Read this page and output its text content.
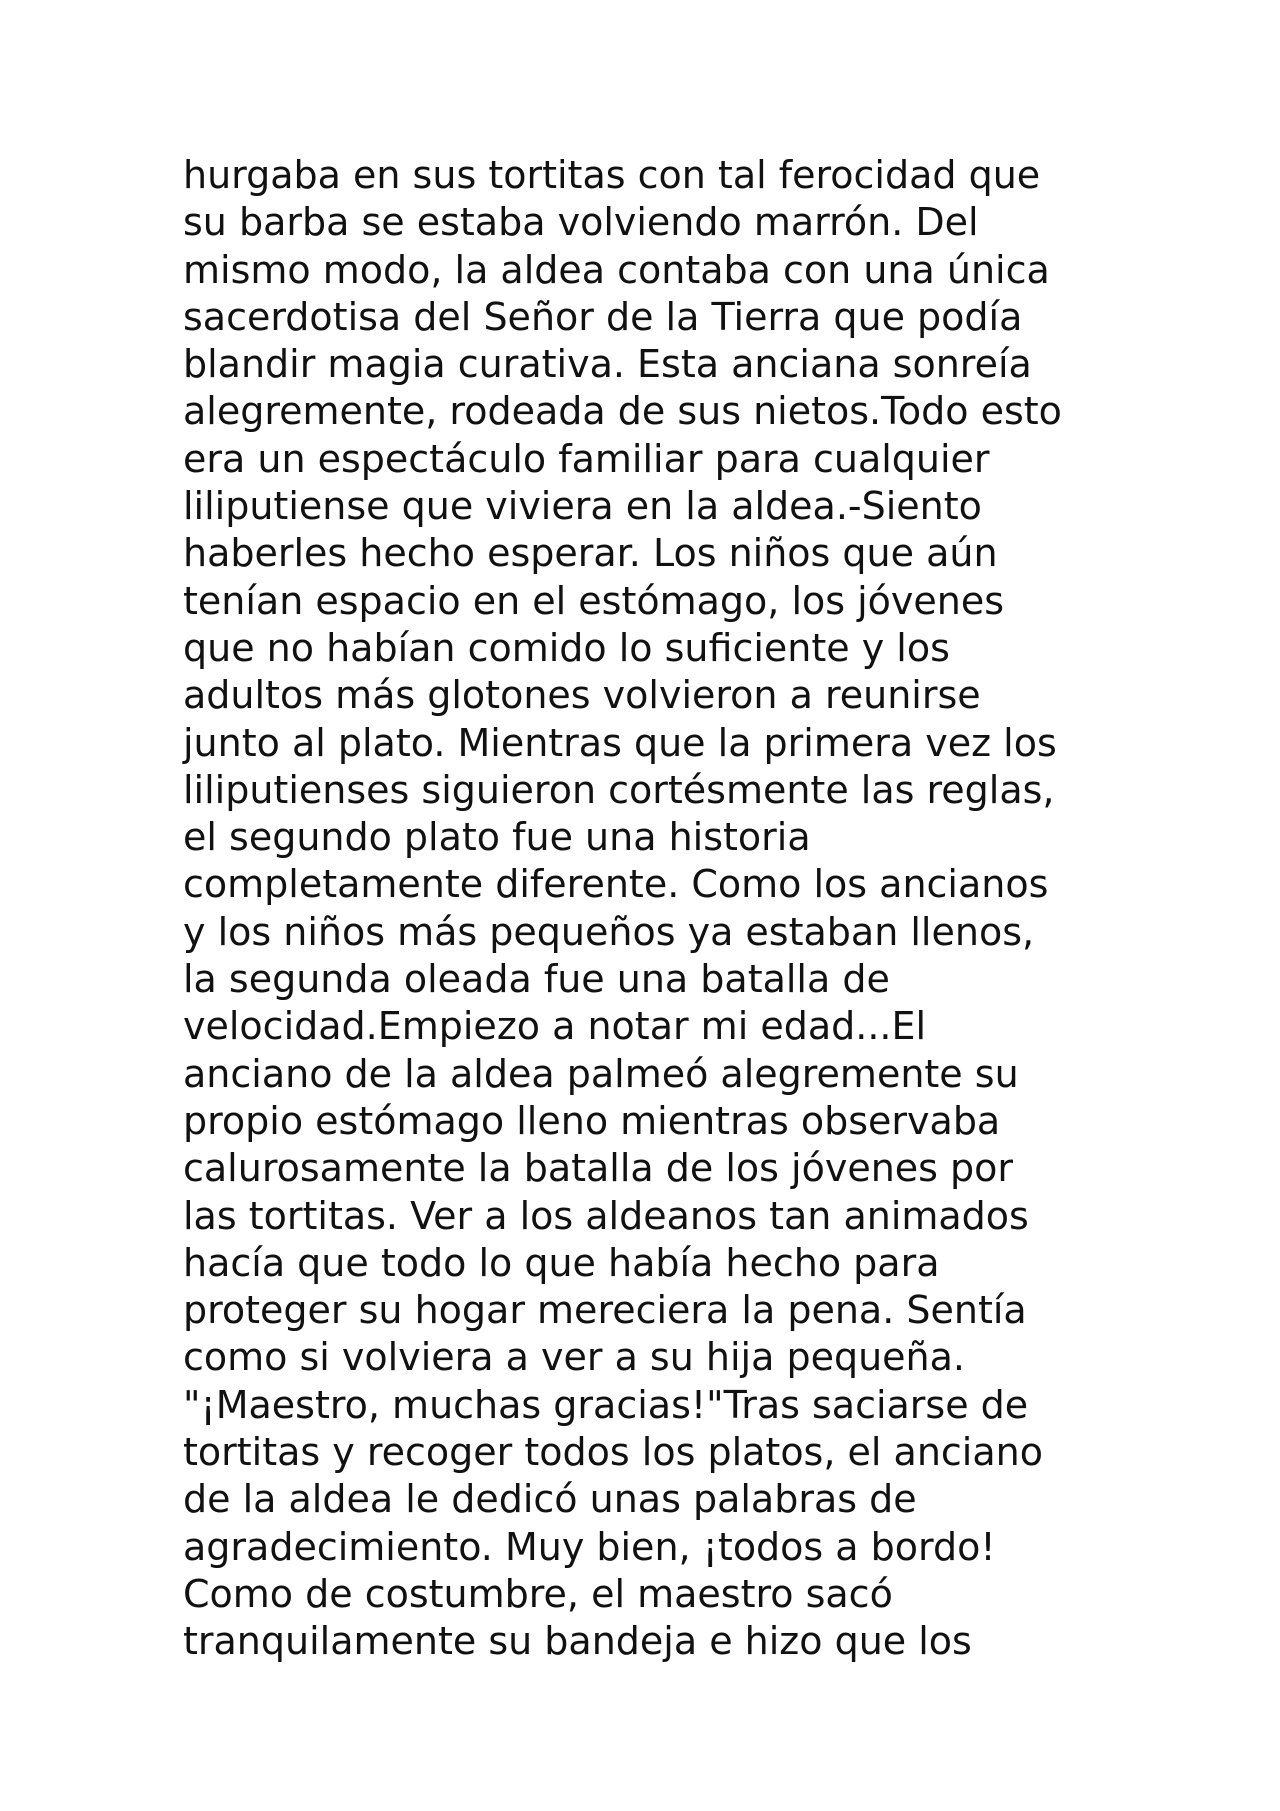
hurgaba en sus tortitas con tal ferocidad que
su barba se estaba volviendo marrón. Del
mismo modo, la aldea contaba con una única
sacerdotisa del Señor de la Tierra que podía
blandir magia curativa. Esta anciana sonreía
alegremente, rodeada de sus nietos.Todo esto
era un espectáculo familiar para cualquier
liliputiense que viviera en la aldea.-Siento
haberles hecho esperar. Los niños que aún
tenían espacio en el estómago, los jóvenes
que no habían comido lo suficiente y los
adultos más glotones volvieron a reunirse
junto al plato. Mientras que la primera vez los
liliputienses siguieron cortésmente las reglas,
el segundo plato fue una historia
completamente diferente. Como los ancianos
y los niños más pequeños ya estaban llenos,
la segunda oleada fue una batalla de
velocidad.Empiezo a notar mi edad...El
anciano de la aldea palmeó alegremente su
propio estómago lleno mientras observaba
calurosamente la batalla de los jóvenes por
las tortitas. Ver a los aldeanos tan animados
hacía que todo lo que había hecho para
proteger su hogar mereciera la pena. Sentía
como si volviera a ver a su hija pequeña.
"¡Maestro, muchas gracias!"Tras saciarse de
tortitas y recoger todos los platos, el anciano
de la aldea le dedicó unas palabras de
agradecimiento. Muy bien, ¡todos a bordo!
Como de costumbre, el maestro sacó
tranquilamente su bandeja e hizo que los
